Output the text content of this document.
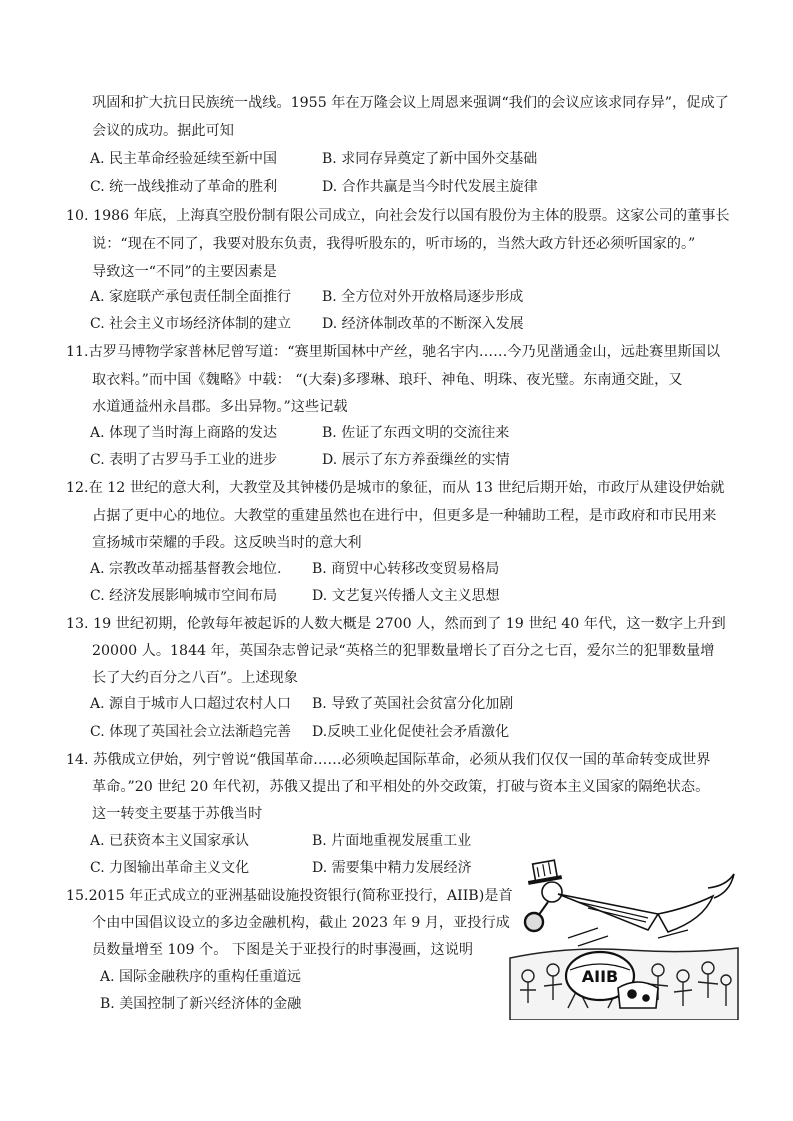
巩固和扩大抗日民族统一战线。1955 年在万隆会议上周恩来强调“我们的会议应该求同存异”，促成了
会议的成功。据此可知
A. 民主革命经验延续至新中国	B. 求同存异奠定了新中国外交基础
C. 统一战线推动了革命的胜利	D. 合作共赢是当今时代发展主旋律
10. 1986 年底，上海真空股份制有限公司成立，向社会发行以国有股份为主体的股票。这家公司的董事长
说：“现在不同了，我要对股东负责，我得听股东的，听市场的，当然大政方针还必须听国家的。”
导致这一“不同”的主要因素是
A. 家庭联产承包责任制全面推行 B. 全方位对外开放格局逐步形成
C. 社会主义市场经济体制的建立 D. 经济体制改革的不断深入发展
11.古罗马博物学家普林尼曾写道：“赛里斯国林中产丝，驰名宇内……今乃见凿通金山，远赴赛里斯国以
取衣料。”而中国《魏略》中载： “(大秦)多璆琳、琅玕、神龟、明珠、夜光璧。东南通交趾，又
水道通益州永昌郡。多出异物。”这些记载
A. 体现了当时海上商路的发达	B. 佐证了东西文明的交流往来
C. 表明了古罗马手工业的进步	D. 展示了东方养蚕缫丝的实情
12.在 12 世纪的意大利，大教堂及其钟楼仍是城市的象征，而从 13 世纪后期开始，市政厅从建设伊始就
占据了更中心的地位。大教堂的重建虽然也在进行中，但更多是一种辅助工程，是市政府和市民用来
宣扬城市荣耀的手段。这反映当时的意大利
A. 宗教改革动摇基督教会地位. B. 商贸中心转移改变贸易格局
C. 经济发展影响城市空间布局 D. 文艺复兴传播人文主义思想
13. 19 世纪初期，伦敦每年被起诉的人数大概是 2700 人，然而到了 19 世纪 40 年代，这一数字上升到
20000 人。1844 年，英国杂志曾记录“英格兰的犯罪数量增长了百分之七百，爱尔兰的犯罪数量增
长了大约百分之八百”。上述现象
A. 源自于城市人口超过农村人口 B. 导致了英国社会贫富分化加剧
C. 体现了英国社会立法渐趋完善 D.反映工业化促使社会矛盾激化
14. 苏俄成立伊始，列宁曾说“俄国革命……必须唤起国际革命，必须从我们仅仅一国的革命转变成世界
革命。”20 世纪 20 年代初，苏俄又提出了和平相处的外交政策，打破与资本主义国家的隔绝状态。
这一转变主要基于苏俄当时
A. 已获资本主义国家承认	B. 片面地重视发展重工业
C. 力图输出革命主义文化	D. 需要集中精力发展经济
15.2015 年正式成立的亚洲基础设施投资银行(简称亚投行，AIIB)是首
个由中国倡议设立的多边金融机构，截止 2023 年 9 月，亚投行成
员数量增至 109 个。 下图是关于亚投行的时事漫画，这说明
A. 国际金融秩序的重构任重道远
B. 美国控制了新兴经济体的金融
AIIB
